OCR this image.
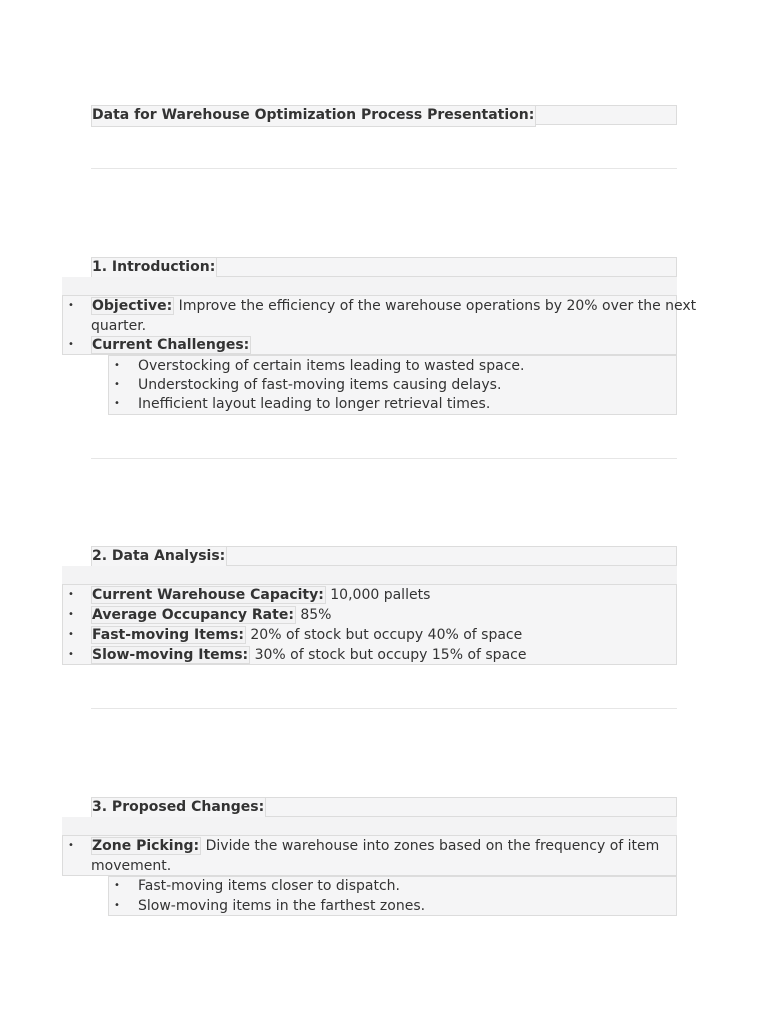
Data for Warehouse Optimization Process Presentation:
1. Introduction:
• Objective: Improve the efficiency of the warehouse operations by 20% over the next
quarter.
• Current Challenges:
• Overstocking of certain items leading to wasted space.
• Understocking of fast-moving items causing delays.
• Inefficient layout leading to longer retrieval times.
2. Data Analysis:
• Current Warehouse Capacity: 10,000 pallets
• Average Occupancy Rate: 85%
• Fast-moving Items: 20% of stock but occupy 40% of space
• Slow-moving Items: 30% of stock but occupy 15% of space
3. Proposed Changes:
• Zone Picking: Divide the warehouse into zones based on the frequency of item
movement.
• Fast-moving items closer to dispatch.
• Slow-moving items in the farthest zones.
